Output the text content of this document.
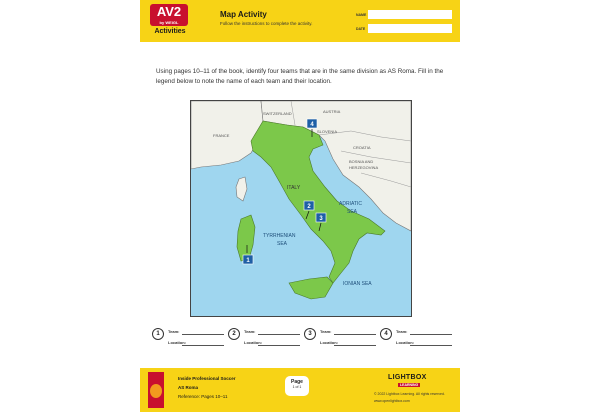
AV2
by WEIGL
Activities
Map Activity
Follow the instructions to complete the activity.
NAME
DATE
Using pages 10–11 of the book, identify four teams that are in the same division as AS Roma. Fill in the legend below to note the name of each team and their location.
AUSTRIA
SWITZERLAND
FRANCE
SLOVENIA
CROATIA
BOSNIA AND
HERZEGOVINA
ITALY
ADRIATIC
SEA
TYRRHENIAN
SEA
IONIAN SEA
4
2
3
1
1	Team:
Location:
2	Team:
Location:
3	Team:
Location:
4	Team:
Location:
Inside Professional Soccer
AS Roma
Reference: Pages 10–11
Page
1 of 1
LIGHTBOX
LEARNING
© 2022 Lightbox Learning. All rights reserved.
www.openlightbox.com
